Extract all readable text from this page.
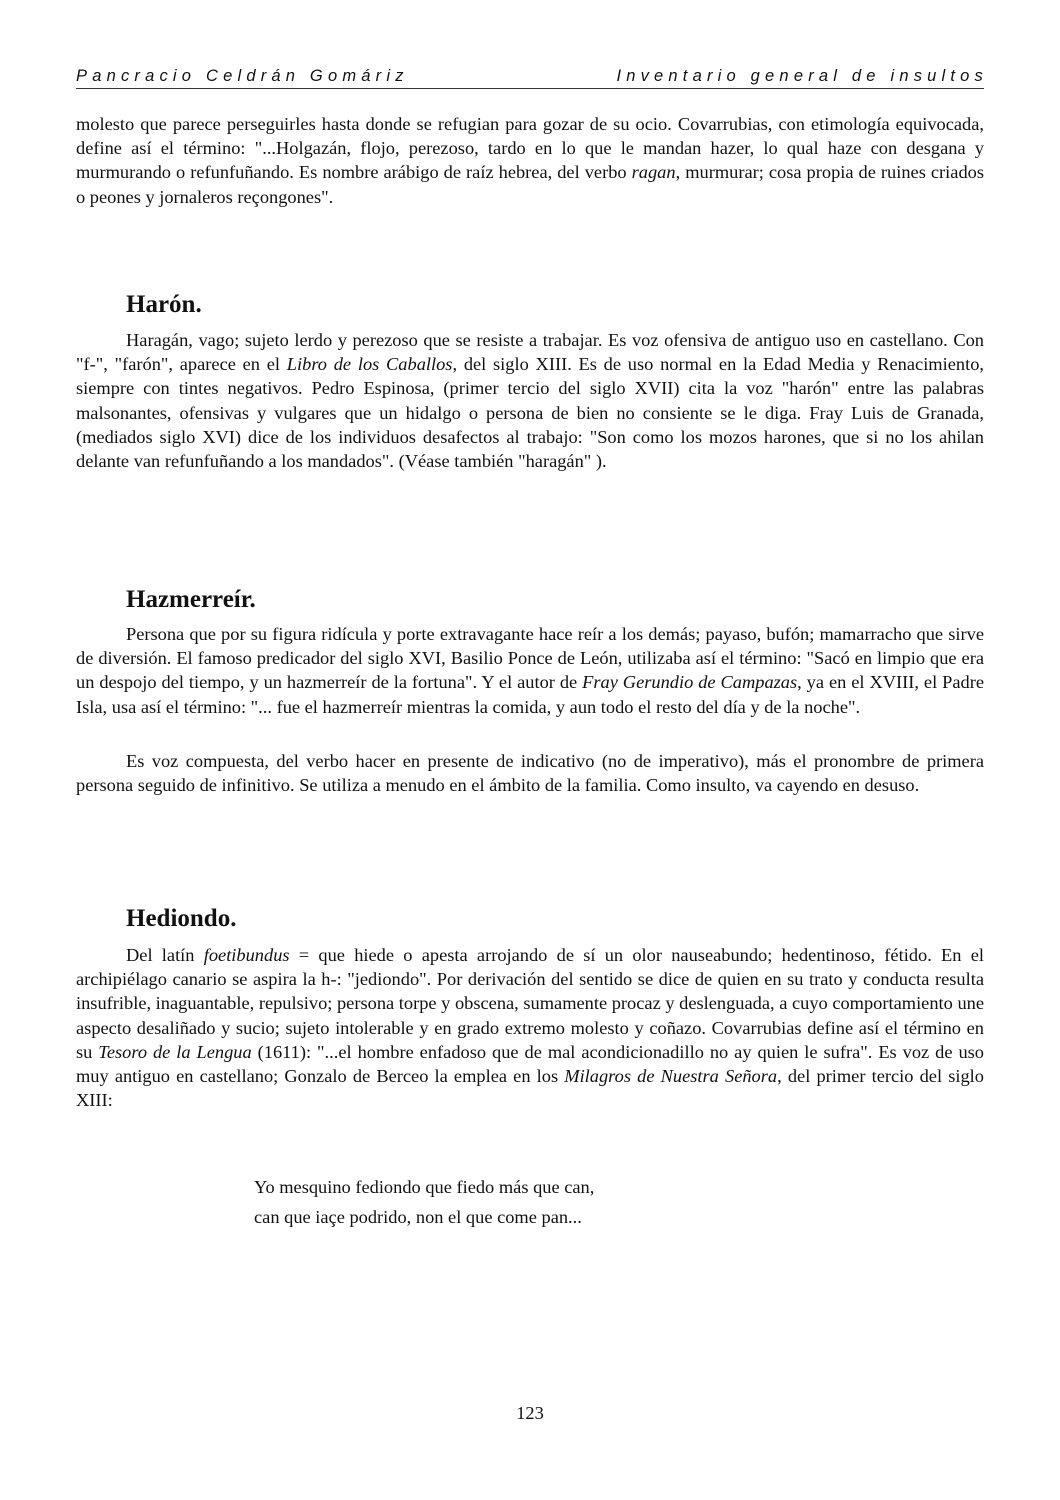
Pancracio Celdrán Gomáriz	Inventario general de insultos

molesto que parece perseguirles hasta donde se refugian para gozar de su ocio. Covarrubias, con etimología equivocada, define así el término: "...Holgazán, flojo, perezoso, tardo en lo que le mandan hazer, lo qual haze con desgana y murmurando o refunfuñando. Es nombre arábigo de raíz hebrea, del verbo ragan, murmurar; cosa propia de ruines criados o peones y jornaleros reçongones".

Harón.

Haragán, vago; sujeto lerdo y perezoso que se resiste a trabajar. Es voz ofensiva de antiguo uso en castellano. Con "f-", "farón", aparece en el Libro de los Caballos, del siglo XIII. Es de uso normal en la Edad Media y Renacimiento, siempre con tintes negativos. Pedro Espinosa, (primer tercio del siglo XVII) cita la voz "harón" entre las palabras malsonantes, ofensivas y vulgares que un hidalgo o persona de bien no consiente se le diga. Fray Luis de Granada, (mediados siglo XVI) dice de los individuos desafectos al trabajo: "Son como los mozos harones, que si no los ahilan delante van refunfuñando a los mandados". (Véase también "haragán" ).

Hazmerreír.

Persona que por su figura ridícula y porte extravagante hace reír a los demás; payaso, bufón; mamarracho que sirve de diversión. El famoso predicador del siglo XVI, Basilio Ponce de León, utilizaba así el término: "Sacó en limpio que era un despojo del tiempo, y un hazmerreír de la fortuna". Y el autor de Fray Gerundio de Campazas, ya en el XVIII, el Padre Isla, usa así el término: "... fue el hazmerreír mientras la comida, y aun todo el resto del día y de la noche".

Es voz compuesta, del verbo hacer en presente de indicativo (no de imperativo), más el pronombre de primera persona seguido de infinitivo. Se utiliza a menudo en el ámbito de la familia. Como insulto, va cayendo en desuso.

Hediondo.

Del latín foetibundus = que hiede o apesta arrojando de sí un olor nauseabundo; hedentinoso, fétido. En el archipiélago canario se aspira la h-: "jediondo". Por derivación del sentido se dice de quien en su trato y conducta resulta insufrible, inaguantable, repulsivo; persona torpe y obscena, sumamente procaz y deslenguada, a cuyo comportamiento une aspecto desaliñado y sucio; sujeto intolerable y en grado extremo molesto y coñazo. Covarrubias define así el término en su Tesoro de la Lengua (1611): "...el hombre enfadoso que de mal acondicionadillo no ay quien le sufra". Es voz de uso muy antiguo en castellano; Gonzalo de Berceo la emplea en los Milagros de Nuestra Señora, del primer tercio del siglo XIII:

Yo mesquino fediondo que fiedo más que can,
can que iaçe podrido, non el que come pan...
123
